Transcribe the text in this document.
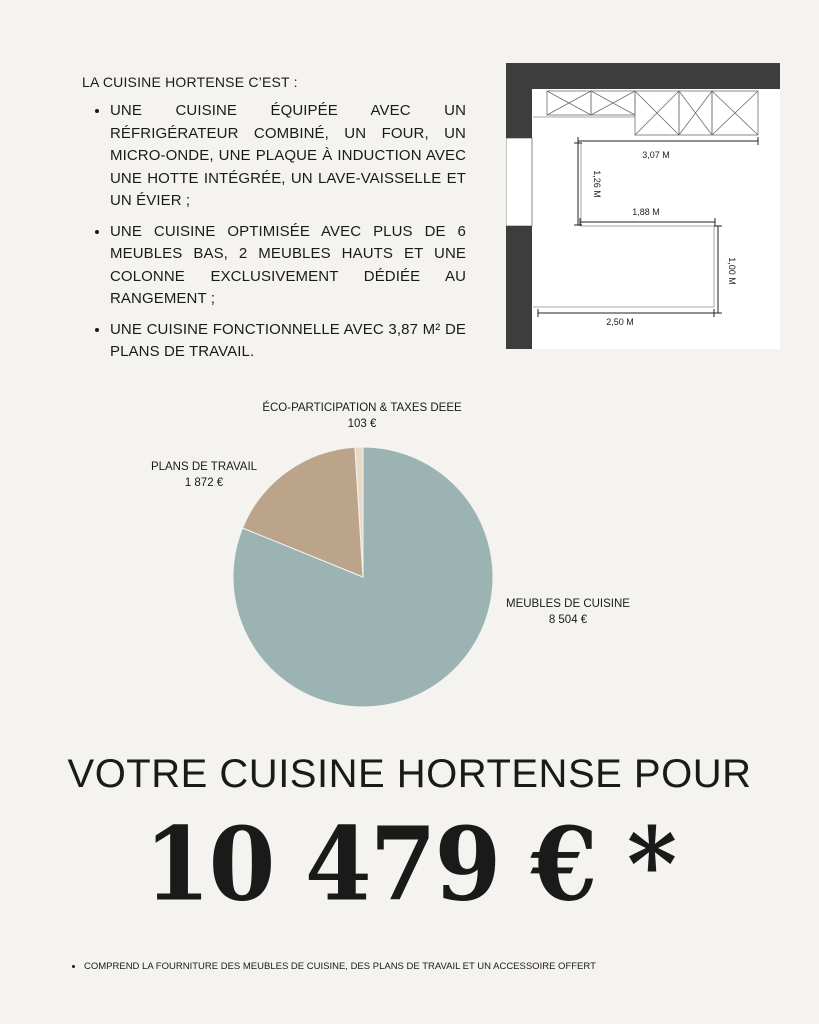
LA CUISINE HORTENSE C’EST :

• UNE CUISINE ÉQUIPÉE AVEC UN RÉFRIGÉRATEUR COMBINÉ, UN FOUR, UN MICRO-ONDE, UNE PLAQUE À INDUCTION AVEC UNE HOTTE INTÉGRÉE, UN LAVE-VAISSELLE ET UN ÉVIER ;
• UNE CUISINE OPTIMISÉE AVEC PLUS DE 6 MEUBLES BAS, 2 MEUBLES HAUTS ET UNE COLONNE EXCLUSIVEMENT DÉDIÉE AU RANGEMENT ;
• UNE CUISINE FONCTIONNELLE AVEC 3,87 M² DE PLANS DE TRAVAIL.
3,07 M
1,26 M
1,88 M
1,00 M
2,50 M
ÉCO-PARTICIPATION & TAXES DEEE
103 €
PLANS DE TRAVAIL
1 872 €
MEUBLES DE CUISINE
8 504 €
VOTRE CUISINE HORTENSE POUR
10 479 € *
• COMPREND LA FOURNITURE DES MEUBLES DE CUISINE, DES PLANS DE TRAVAIL ET UN ACCESSOIRE OFFERT
